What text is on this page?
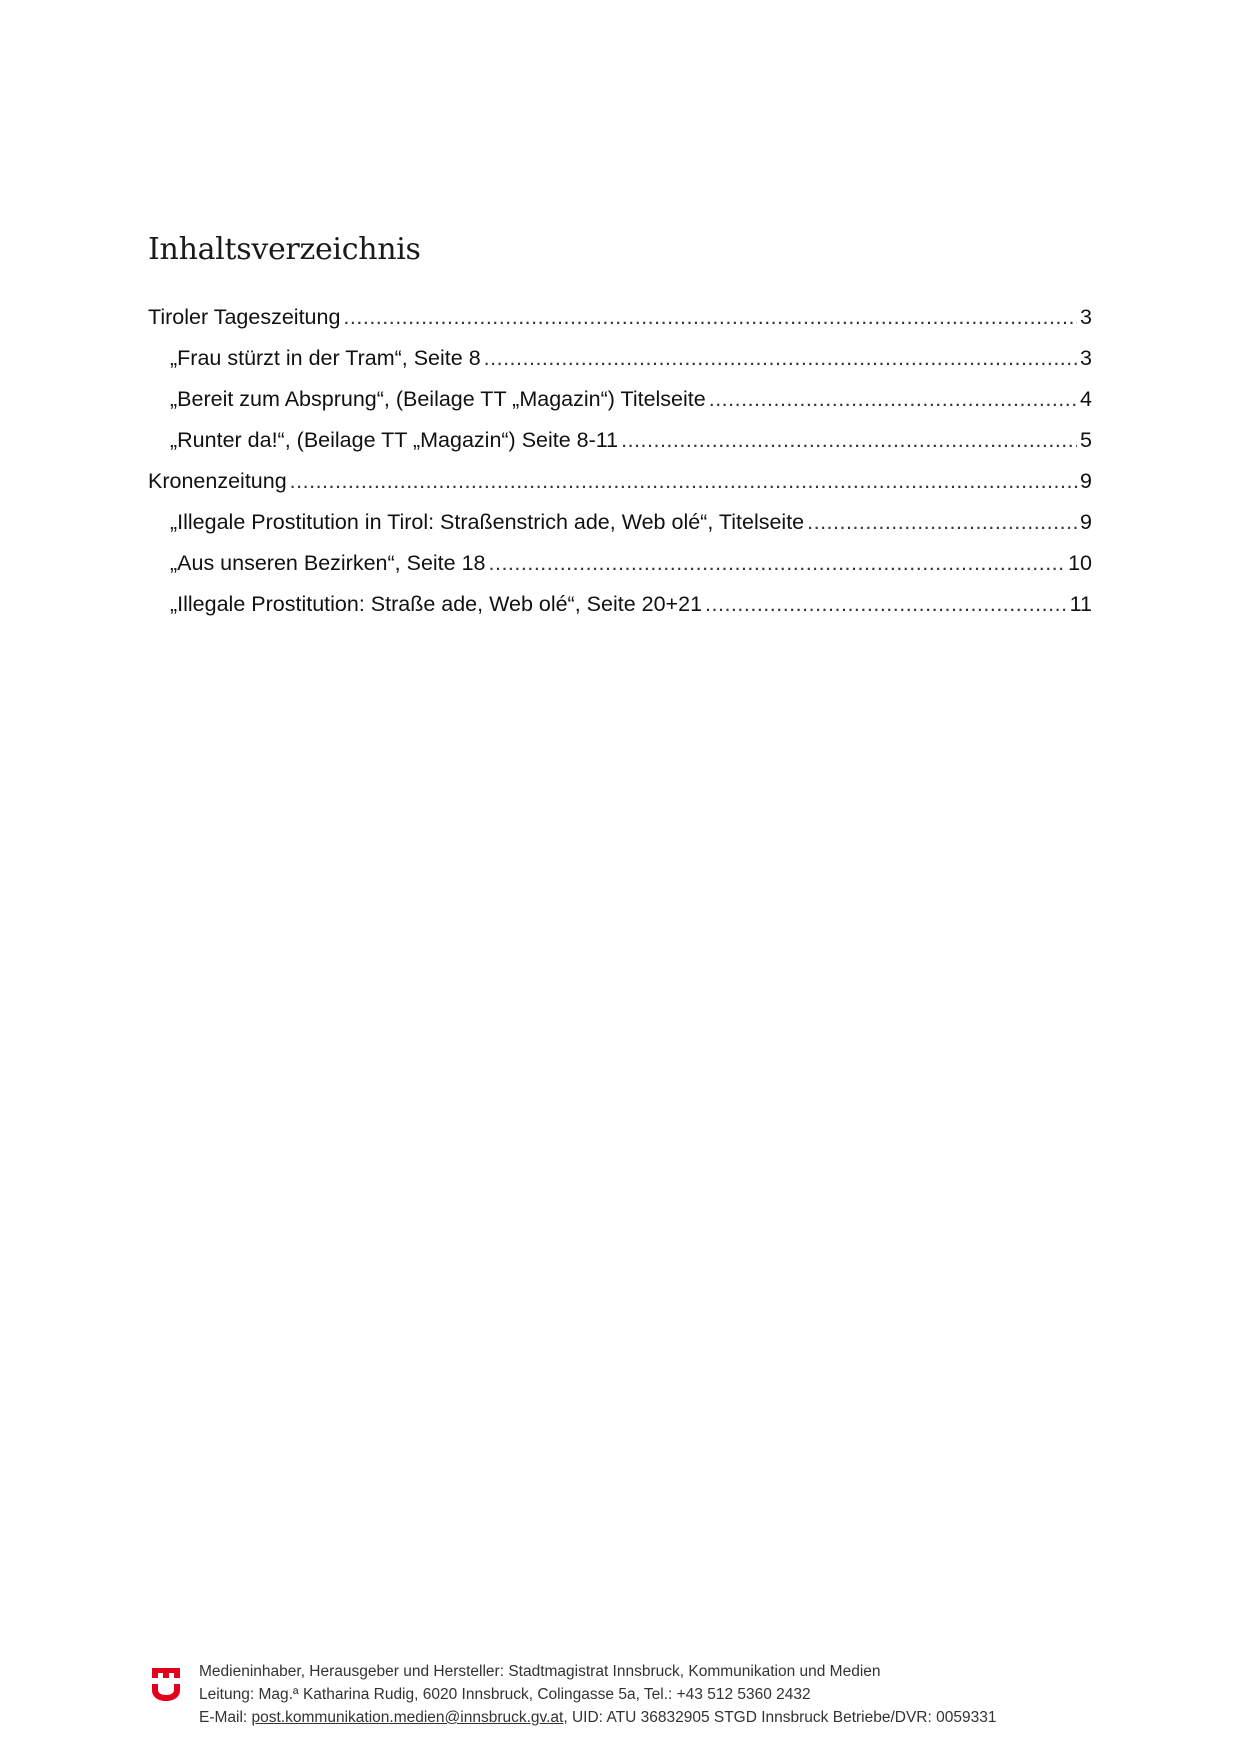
Inhaltsverzeichnis
Tiroler Tageszeitung .....	3
„Frau stürzt in der Tram“, Seite 8 .....	3
„Bereit zum Absprung“, (Beilage TT „Magazin“) Titelseite .....	4
„Runter da!“, (Beilage TT „Magazin“) Seite 8-11 .....	5
Kronenzeitung .....	9
„Illegale Prostitution in Tirol: Straßenstrich ade, Web olé“, Titelseite .....	9
„Aus unseren Bezirken“, Seite 18 .....	10
„Illegale Prostitution: Straße ade, Web olé“, Seite 20+21 .....	11
Medieninhaber, Herausgeber und Hersteller: Stadtmagistrat Innsbruck, Kommunikation und Medien
Leitung: Mag.ª Katharina Rudig, 6020 Innsbruck, Colingasse 5a, Tel.: +43 512 5360 2432
E-Mail: post.kommunikation.medien@innsbruck.gv.at, UID: ATU 36832905 STGD Innsbruck Betriebe/DVR: 0059331
